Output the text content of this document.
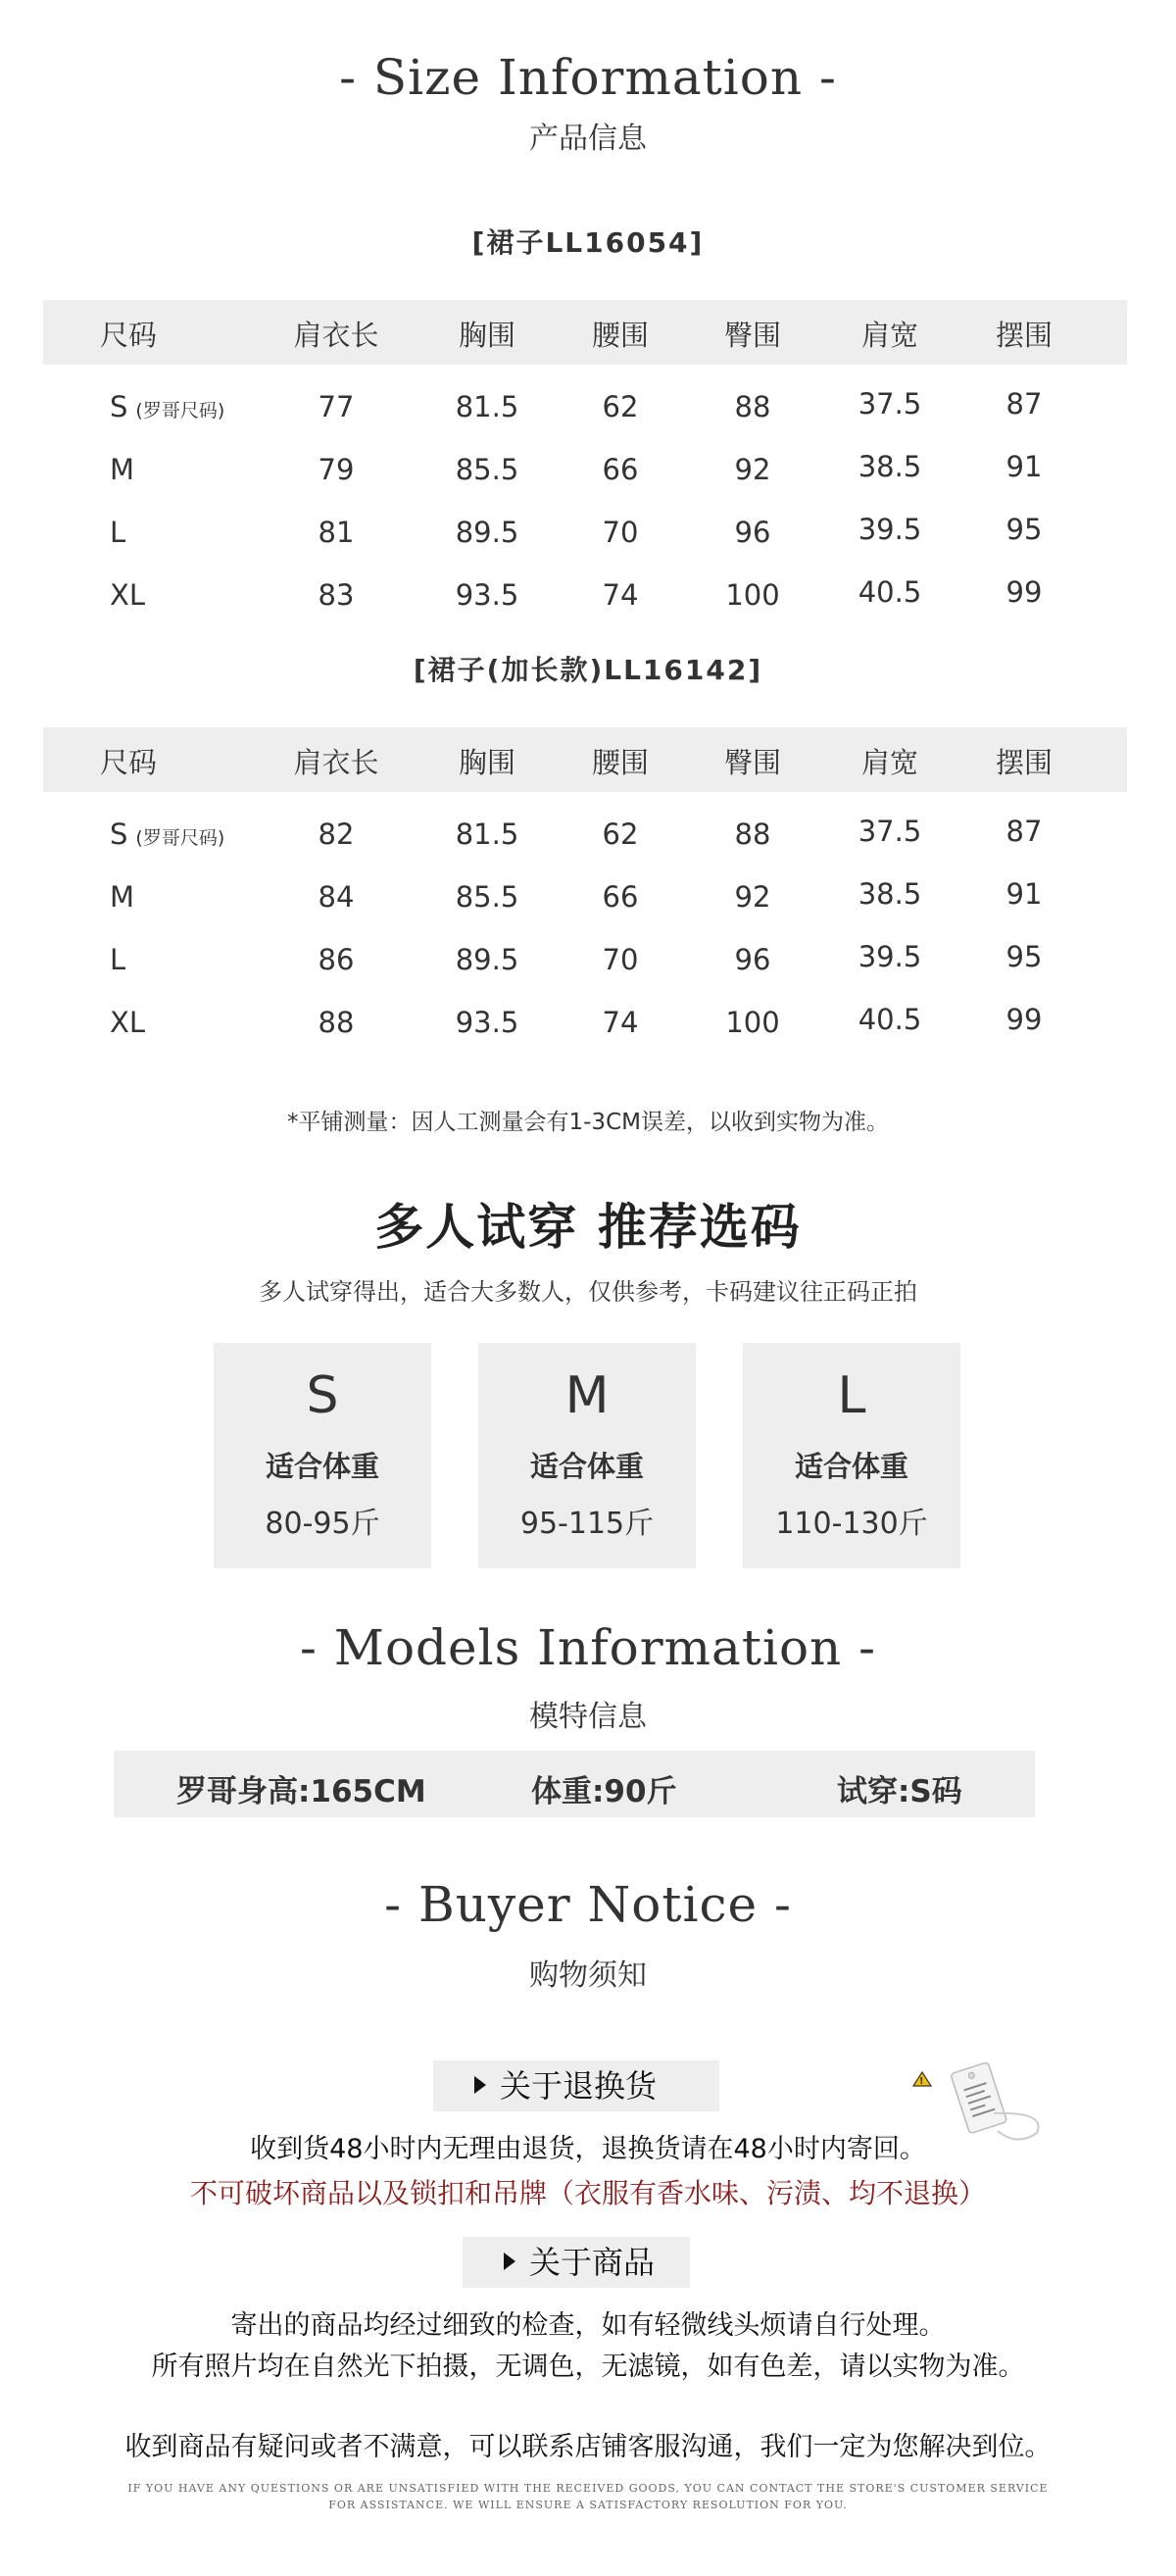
- Size Information -
产品信息
[裙子LL16054]
尺码	肩衣长	胸围	腰围	臀围	肩宽	摆围
S (罗哥尺码)	77	81.5	62	88	37.5	87
M	79	85.5	66	92	38.5	91
L	81	89.5	70	96	39.5	95
XL	83	93.5	74	100	40.5	99
[裙子(加长款)LL16142]
尺码	肩衣长	胸围	腰围	臀围	肩宽	摆围
S (罗哥尺码)	82	81.5	62	88	37.5	87
M	84	85.5	66	92	38.5	91
L	86	89.5	70	96	39.5	95
XL	88	93.5	74	100	40.5	99
*平铺测量：因人工测量会有1-3CM误差，以收到实物为准。
多人试穿 推荐选码
多人试穿得出，适合大多数人，仅供参考，卡码建议往正码正拍
S
适合体重
80-95斤
M
适合体重
95-115斤
L
适合体重
110-130斤
- Models Information -
模特信息
罗哥身高:165CM	体重:90斤	试穿:S码
- Buyer Notice -
购物须知
关于退换货	!
收到货48小时内无理由退货，退换货请在48小时内寄回。
不可破坏商品以及锁扣和吊牌（衣服有香水味、污渍、均不退换）
关于商品
寄出的商品均经过细致的检查，如有轻微线头烦请自行处理。
所有照片均在自然光下拍摄，无调色，无滤镜，如有色差，请以实物为准。
收到商品有疑问或者不满意，可以联系店铺客服沟通，我们一定为您解决到位。
IF YOU HAVE ANY QUESTIONS OR ARE UNSATISFIED WITH THE RECEIVED GOODS, YOU CAN CONTACT THE STORE'S CUSTOMER SERVICE
FOR ASSISTANCE. WE WILL ENSURE A SATISFACTORY RESOLUTION FOR YOU.
